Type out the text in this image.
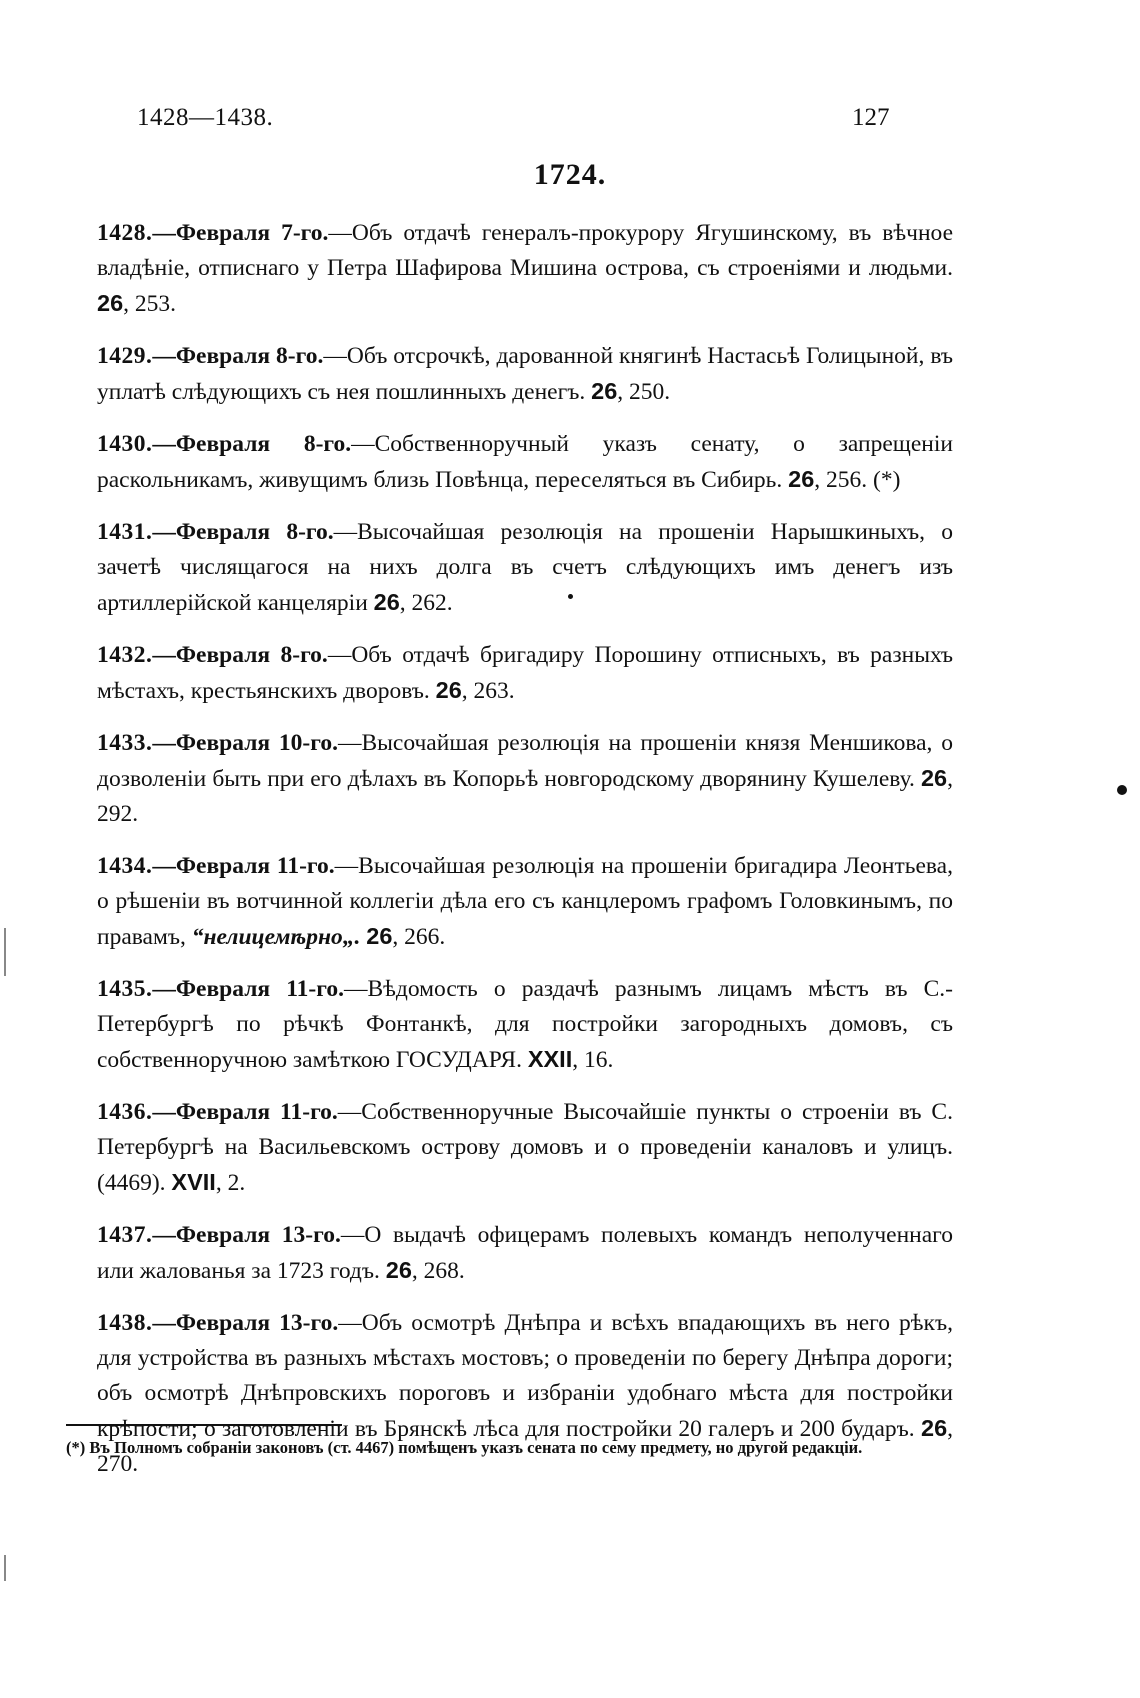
1428—1438.	127
1724.

1428.—Февраля 7-го.—Объ отдачѣ генералъ-прокурору Ягушинскому, въ вѣчное владѣніе, отписнаго у Петра Шафирова Мишина острова, съ строеніями и людьми. 26, 253.

1429.—Февраля 8-го.—Объ отсрочкѣ, дарованной княгинѣ Настасьѣ Голицыной, въ уплатѣ слѣдующихъ съ нея пошлинныхъ денегъ. 26, 250.

1430.—Февраля 8-го.—Собственноручный указъ сенату, о запрещеніи раскольникамъ, живущимъ близь Повѣнца, переселяться въ Сибирь. 26, 256. (*)

1431.—Февраля 8-го.—Высочайшая резолюція на прошеніи Нарышкиныхъ, о зачетѣ числящагося на нихъ долга въ счетъ слѣдующихъ имъ денегъ изъ артиллерійской канцеляріи 26, 262.

1432.—Февраля 8-го.—Объ отдачѣ бригадиру Порошину отписныхъ, въ разныхъ мѣстахъ, крестьянскихъ дворовъ. 26, 263.

1433.—Февраля 10-го.—Высочайшая резолюція на прошеніи князя Меншикова, о дозволеніи быть при его дѣлахъ въ Копорьѣ новгородскому дворянину Кушелеву. 26, 292.

1434.—Февраля 11-го.—Высочайшая резолюція на прошеніи бригадира Леонтьева, о рѣшеніи въ вотчинной коллегіи дѣла его съ канцлеромъ графомъ Головкинымъ, по правамъ, “нелицемѣрно„. 26, 266.

1435.—Февраля 11-го.—Вѣдомость о раздачѣ разнымъ лицамъ мѣстъ въ С.-Петербургѣ по рѣчкѣ Фонтанкѣ, для постройки загородныхъ домовъ, съ собственноручною замѣткою ГОСУДАРЯ. XXII, 16.

1436.—Февраля 11-го.—Собственноручные Высочайшіе пункты о строеніи въ С. Петербургѣ на Васильевскомъ острову домовъ и о проведеніи каналовъ и улицъ. (4469). XVII, 2.

1437.—Февраля 13-го.—О выдачѣ офицерамъ полевыхъ командъ неполученнаго или жалованья за 1723 годъ. 26, 268.

1438.—Февраля 13-го.—Объ осмотрѣ Днѣпра и всѣхъ впадающихъ въ него рѣкъ, для устройства въ разныхъ мѣстахъ мостовъ; о проведеніи по берегу Днѣпра дороги; объ осмотрѣ Днѣпровскихъ пороговъ и избраніи удобнаго мѣста для постройки крѣпости; о заготовленіи въ Брянскѣ лѣса для постройки 20 галеръ и 200 бударъ. 26, 270.

(*) Въ Полномъ собраніи законовъ (ст. 4467) помѣщенъ указъ сената по сему предмету, но другой редакціи.
